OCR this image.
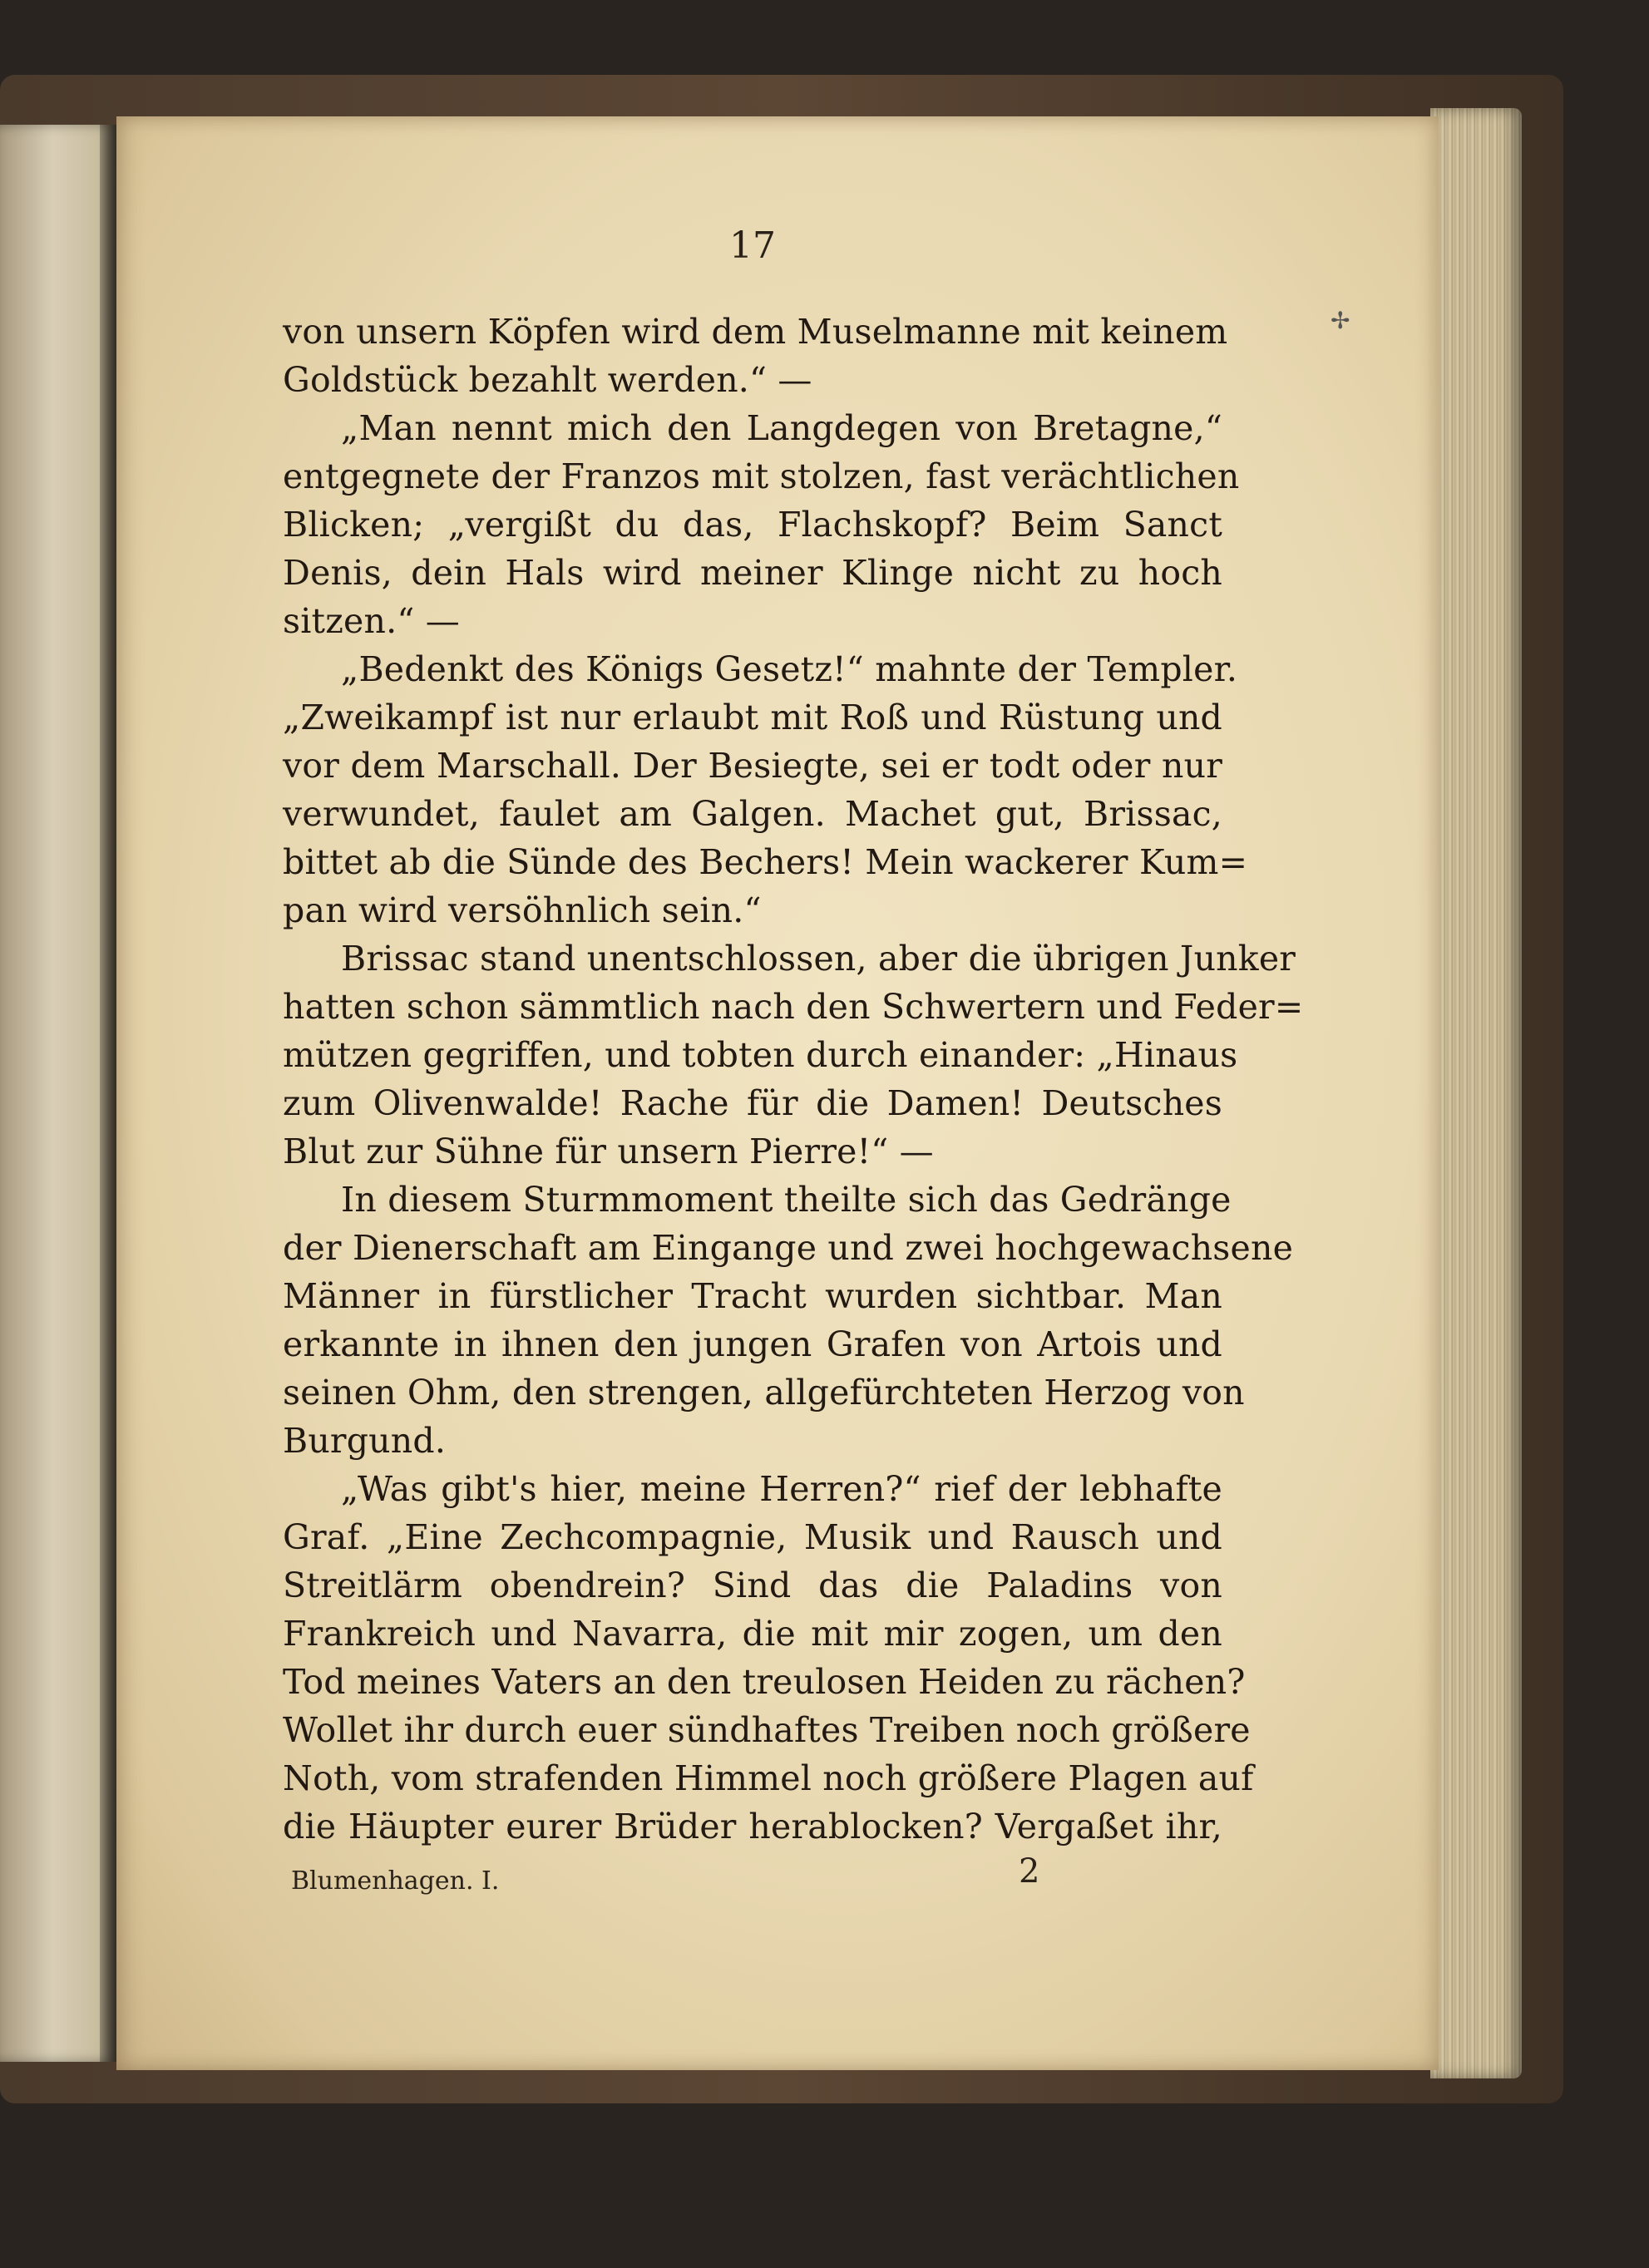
✢
17
von unsern Köpfen wird dem Muselmanne mit keinem
Goldstück bezahlt werden.“ —
„Man nennt mich den Langdegen von Bretagne,“
entgegnete der Franzos mit stolzen, fast verächtlichen
Blicken; „vergißt du das, Flachskopf? Beim Sanct
Denis, dein Hals wird meiner Klinge nicht zu hoch
sitzen.“ —
„Bedenkt des Königs Gesetz!“ mahnte der Templer.
„Zweikampf ist nur erlaubt mit Roß und Rüstung und
vor dem Marschall. Der Besiegte, sei er todt oder nur
verwundet, faulet am Galgen. Machet gut, Brissac,
bittet ab die Sünde des Bechers! Mein wackerer Kum=
pan wird versöhnlich sein.“
Brissac stand unentschlossen, aber die übrigen Junker
hatten schon sämmtlich nach den Schwertern und Feder=
mützen gegriffen, und tobten durch einander: „Hinaus
zum Olivenwalde! Rache für die Damen! Deutsches
Blut zur Sühne für unsern Pierre!“ —
In diesem Sturmmoment theilte sich das Gedränge
der Dienerschaft am Eingange und zwei hochgewachsene
Männer in fürstlicher Tracht wurden sichtbar. Man
erkannte in ihnen den jungen Grafen von Artois und
seinen Ohm, den strengen, allgefürchteten Herzog von
Burgund.
„Was gibt's hier, meine Herren?“ rief der lebhafte
Graf. „Eine Zechcompagnie, Musik und Rausch und
Streitlärm obendrein? Sind das die Paladins von
Frankreich und Navarra, die mit mir zogen, um den
Tod meines Vaters an den treulosen Heiden zu rächen?
Wollet ihr durch euer sündhaftes Treiben noch größere
Noth, vom strafenden Himmel noch größere Plagen auf
die Häupter eurer Brüder herablocken? Vergaßet ihr,
Blumenhagen. I.	2
